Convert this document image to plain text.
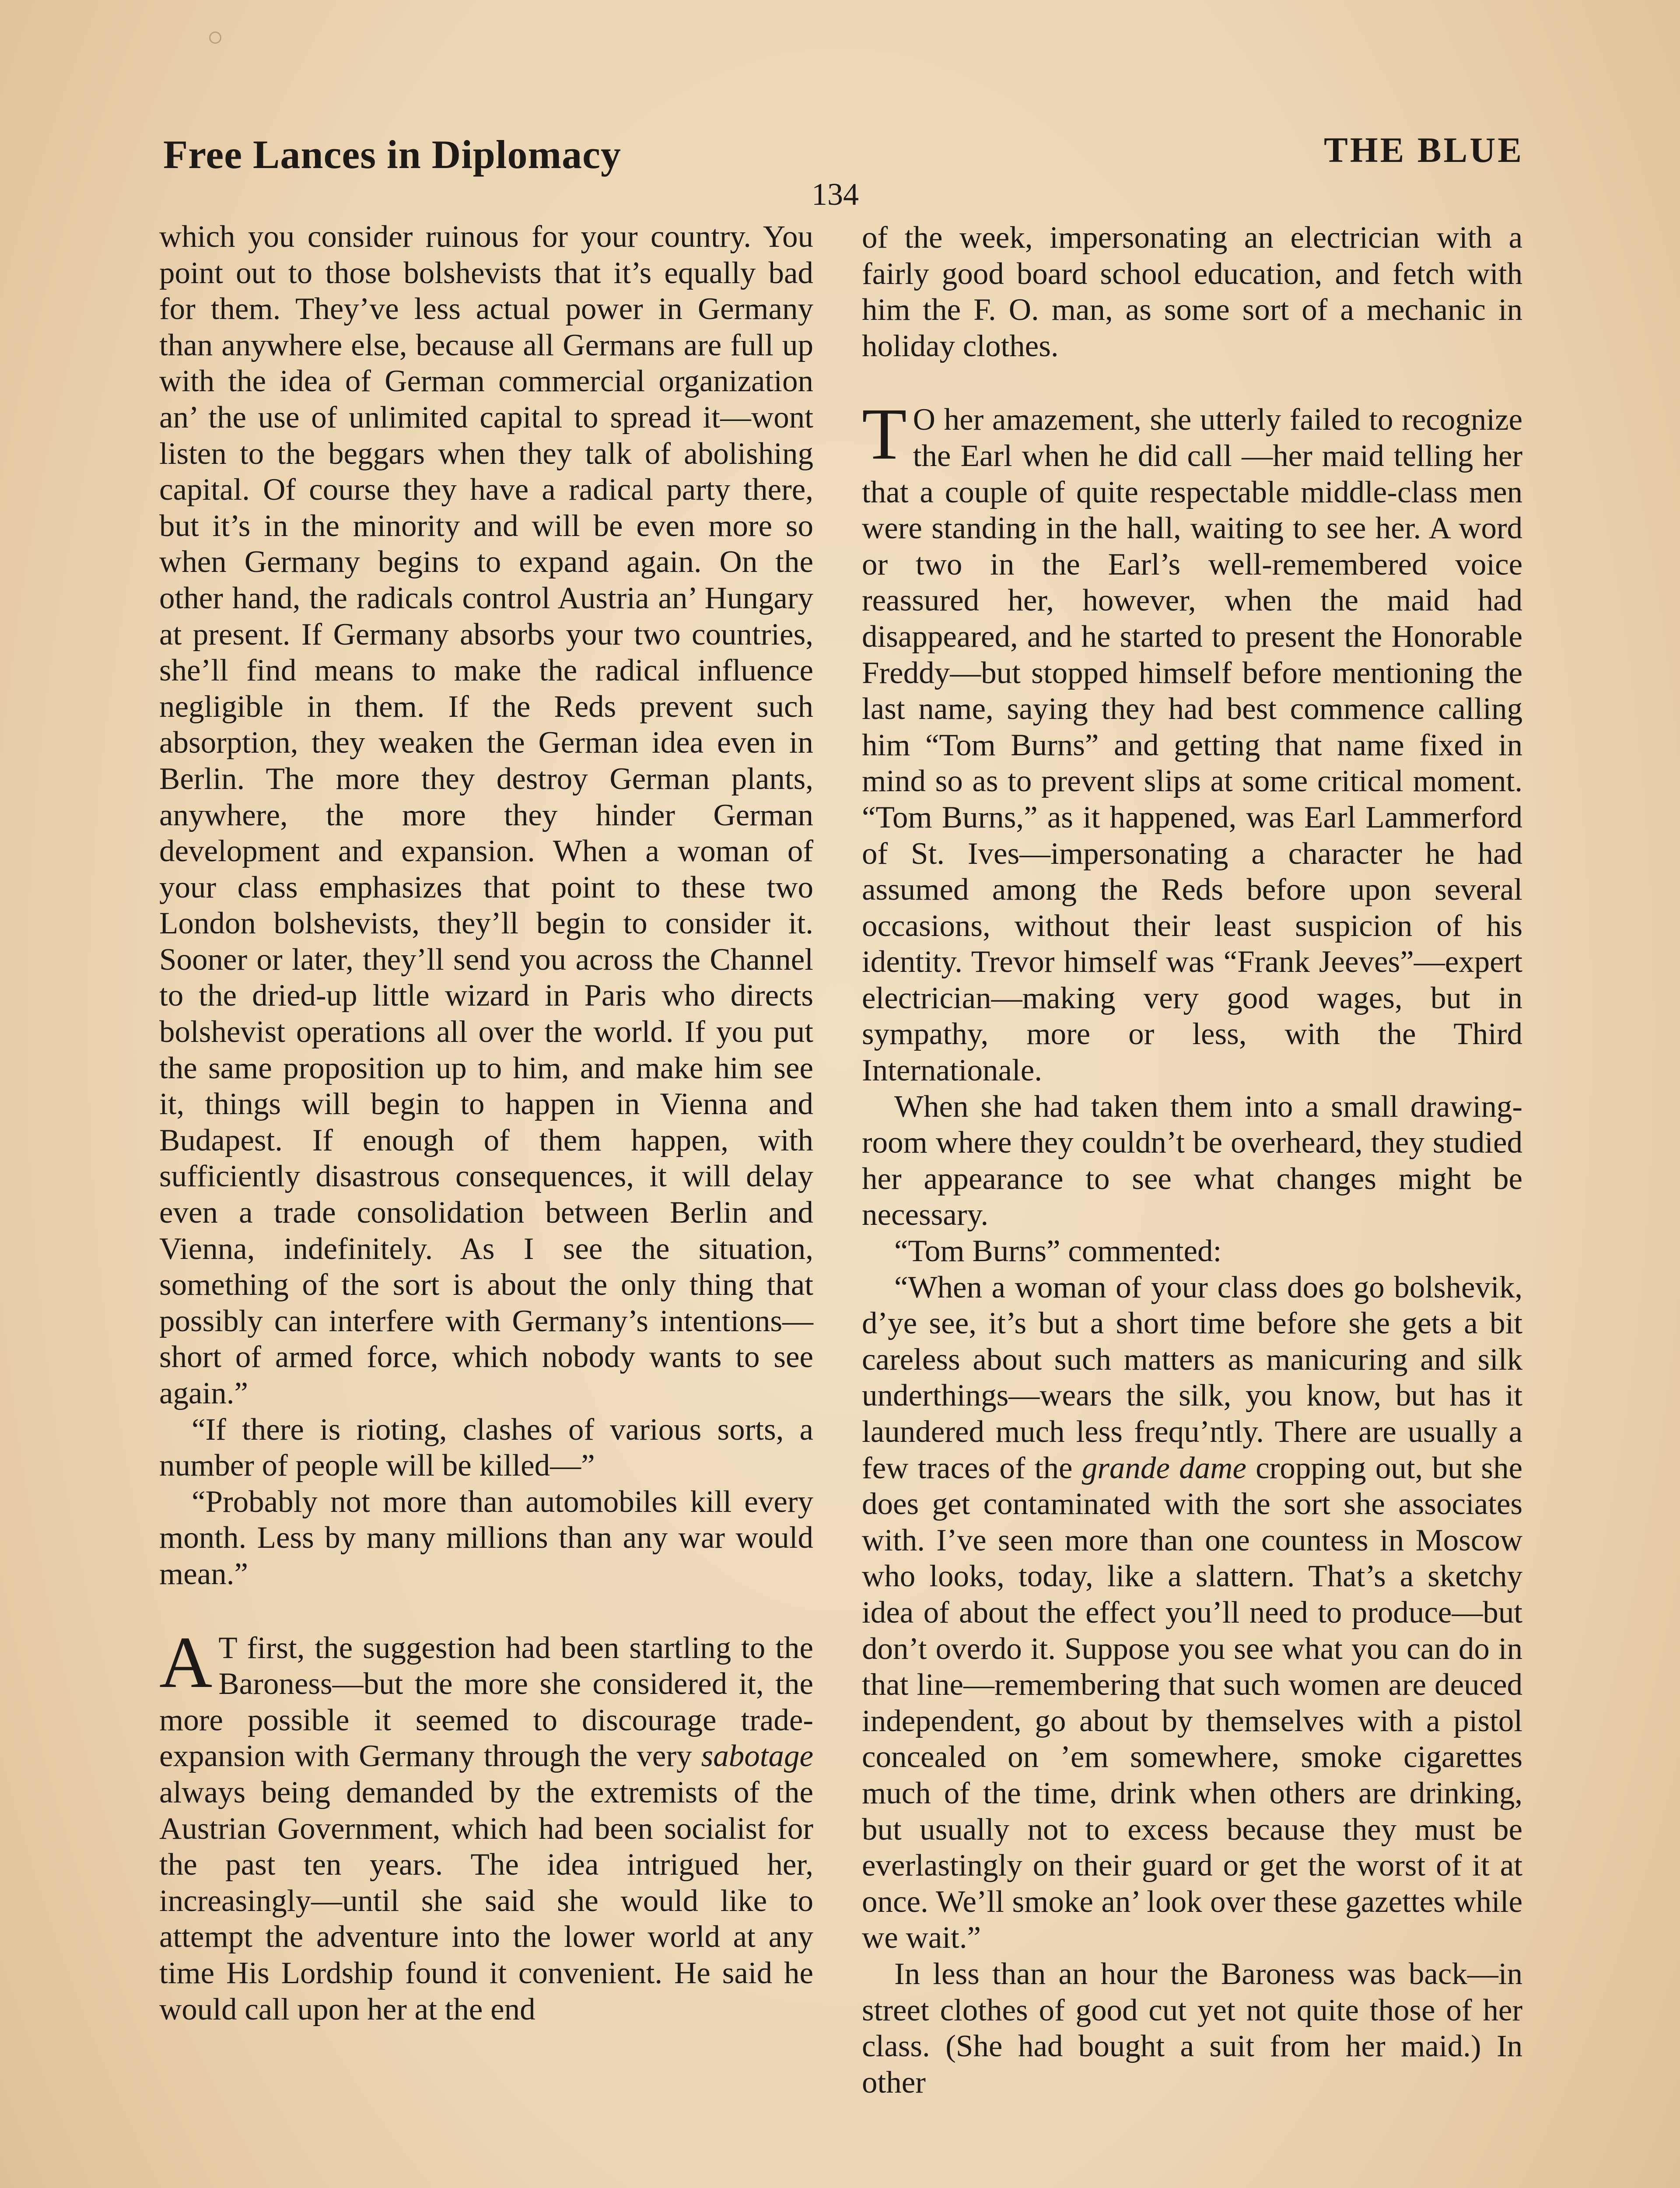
Free Lances in Diplomacy	THE BLUE
134

which you consider ruinous for your country. You point out to those bolshevists that it’s equally bad for them. They’ve less actual power in Germany than anywhere else, because all Germans are full up with the idea of German commercial organization an’ the use of unlimited capital to spread it—wont listen to the beggars when they talk of abolishing capital. Of course they have a radical party there, but it’s in the minority and will be even more so when Germany begins to expand again. On the other hand, the radicals control Austria an’ Hungary at present. If Germany absorbs your two countries, she’ll find means to make the radical influence negligible in them. If the Reds prevent such absorption, they weaken the German idea even in Berlin. The more they destroy German plants, anywhere, the more they hinder German development and expansion. When a woman of your class emphasizes that point to these two London bolshevists, they’ll begin to consider it. Sooner or later, they’ll send you across the Channel to the dried-up little wizard in Paris who directs bolshevist operations all over the world. If you put the same proposition up to him, and make him see it, things will begin to happen in Vienna and Budapest. If enough of them happen, with sufficiently disastrous consequences, it will delay even a trade consolidation between Berlin and Vienna, indefinitely. As I see the situation, something of the sort is about the only thing that possibly can interfere with Germany’s intentions—short of armed force, which nobody wants to see again.”

“If there is rioting, clashes of various sorts, a number of people will be killed—”

“Probably not more than automobiles kill every month. Less by many millions than any war would mean.”

A T first, the suggestion had been startling to the Baroness—but the more she considered it, the more possible it seemed to discourage trade-expansion with Germany through the very sabotage always being demanded by the extremists of the Austrian Government, which had been socialist for the past ten years. The idea intrigued her, increasingly—until she said she would like to attempt the adventure into the lower world at any time His Lordship found it convenient. He said he would call upon her at the end

of the week, impersonating an electrician with a fairly good board school education, and fetch with him the F. O. man, as some sort of a mechanic in holiday clothes.

T O her amazement, she utterly failed to recognize the Earl when he did call —her maid telling her that a couple of quite respectable middle-class men were standing in the hall, waiting to see her. A word or two in the Earl’s well-remembered voice reassured her, however, when the maid had disappeared, and he started to present the Honorable Freddy—but stopped himself before mentioning the last name, saying they had best commence calling him “Tom Burns” and getting that name fixed in mind so as to prevent slips at some critical moment. “Tom Burns,” as it happened, was Earl Lammerford of St. Ives—impersonating a character he had assumed among the Reds before upon several occasions, without their least suspicion of his identity. Trevor himself was “Frank Jeeves”—expert electrician—making very good wages, but in sympathy, more or less, with the Third Internationale.

When she had taken them into a small drawing-room where they couldn’t be overheard, they studied her appearance to see what changes might be necessary.

“Tom Burns” commented:

“When a woman of your class does go bolshevik, d’ye see, it’s but a short time before she gets a bit careless about such matters as manicuring and silk underthings—wears the silk, you know, but has it laundered much less frequ’ntly. There are usually a few traces of the grande dame cropping out, but she does get contaminated with the sort she associates with. I’ve seen more than one countess in Moscow who looks, today, like a slattern. That’s a sketchy idea of about the effect you’ll need to produce—but don’t overdo it. Suppose you see what you can do in that line—remembering that such women are deuced independent, go about by themselves with a pistol concealed on ’em somewhere, smoke cigarettes much of the time, drink when others are drinking, but usually not to excess because they must be everlastingly on their guard or get the worst of it at once. We’ll smoke an’ look over these gazettes while we wait.”

In less than an hour the Baroness was back—in street clothes of good cut yet not quite those of her class. (She had bought a suit from her maid.) In other
